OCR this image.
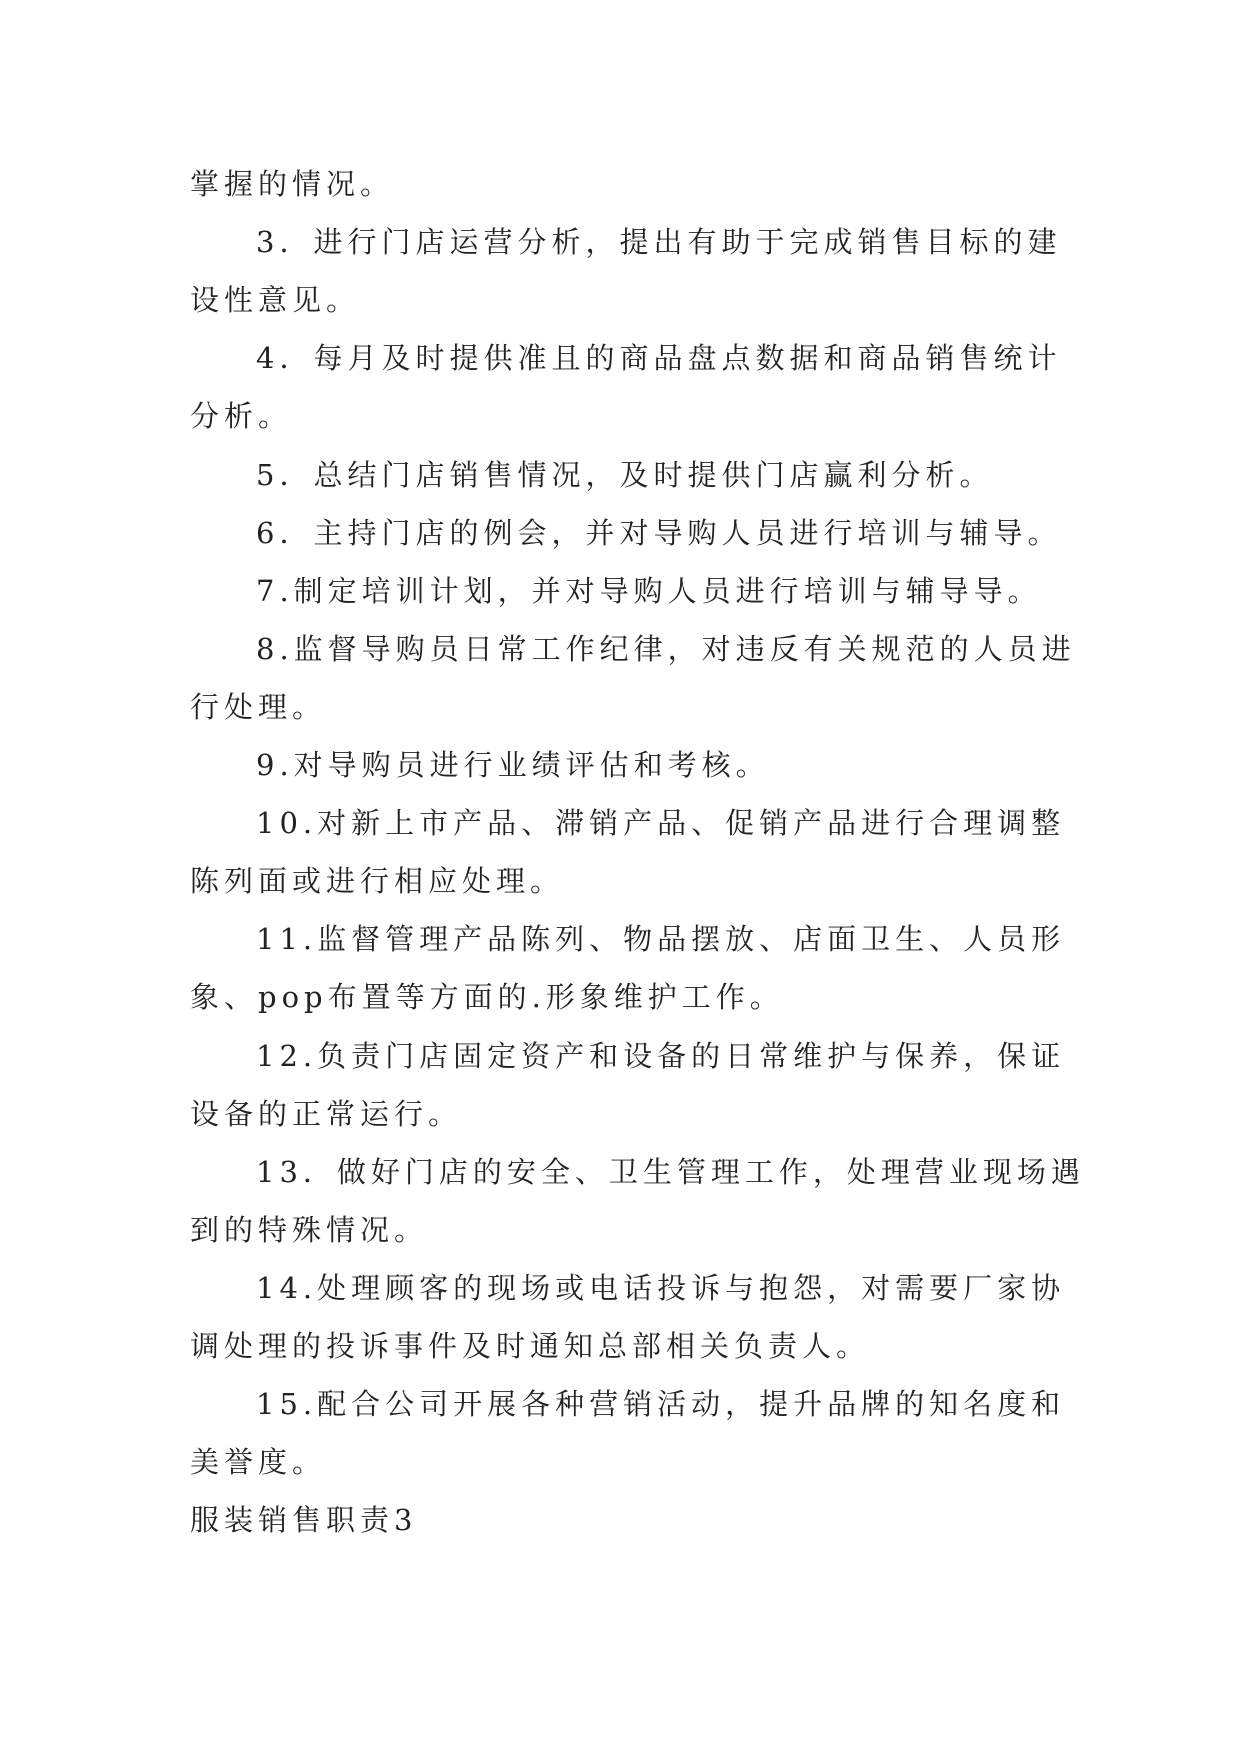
掌握的情况。
3．进行门店运营分析，提出有助于完成销售目标的建
设性意见。
4．每月及时提供准且的商品盘点数据和商品销售统计
分析。
5．总结门店销售情况，及时提供门店赢利分析。
6．主持门店的例会，并对导购人员进行培训与辅导。
7.制定培训计划，并对导购人员进行培训与辅导导。
8.监督导购员日常工作纪律，对违反有关规范的人员进
行处理。
9.对导购员进行业绩评估和考核。
10.对新上市产品、滞销产品、促销产品进行合理调整
陈列面或进行相应处理。
11.监督管理产品陈列、物品摆放、店面卫生、人员形
象、pop布置等方面的.形象维护工作。
12.负责门店固定资产和设备的日常维护与保养，保证
设备的正常运行。
13．做好门店的安全、卫生管理工作，处理营业现场遇
到的特殊情况。
14.处理顾客的现场或电话投诉与抱怨，对需要厂家协
调处理的投诉事件及时通知总部相关负责人。
15.配合公司开展各种营销活动，提升品牌的知名度和
美誉度。
服装销售职责3
